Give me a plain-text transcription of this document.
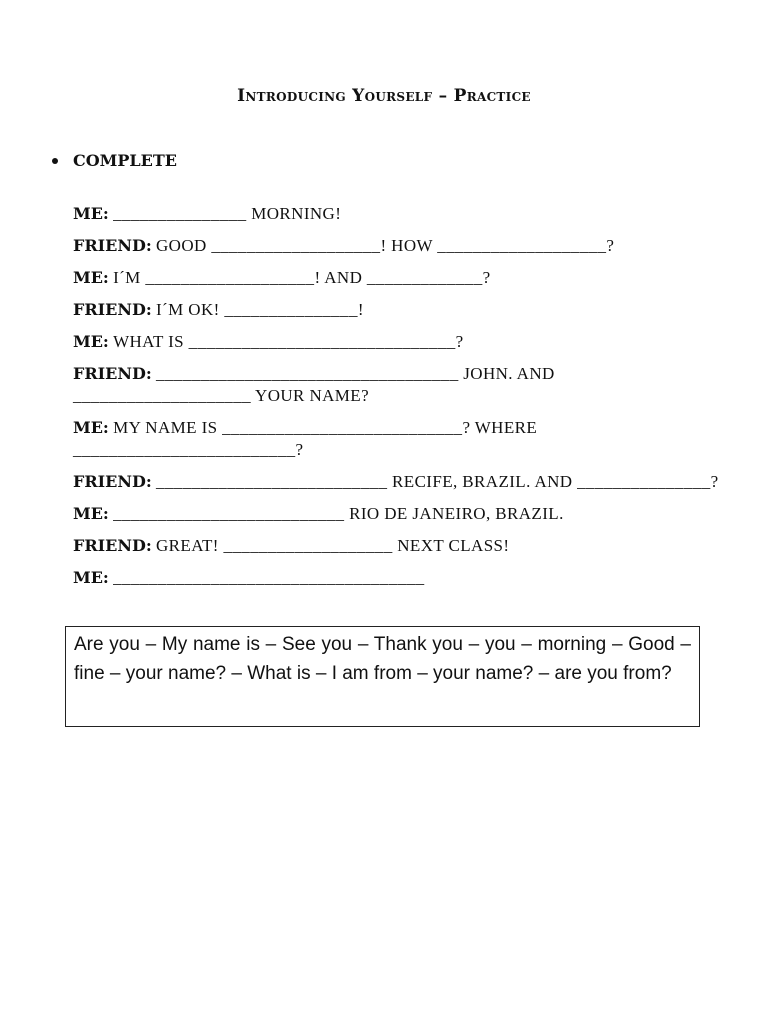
Introducing Yourself – Practice
COMPLETE
ME: _______________ MORNING!
FRIEND: GOOD ___________________! HOW ___________________?
ME: I´M ___________________! AND _____________?
FRIEND: I´M OK! _______________!
ME: WHAT IS ______________________________?
FRIEND: __________________________________ JOHN. AND ____________________ YOUR NAME?
ME: MY NAME IS ___________________________? WHERE _________________________?
FRIEND: __________________________ RECIFE, BRAZIL. AND _______________?
ME: __________________________ RIO DE JANEIRO, BRAZIL.
FRIEND: GREAT! ___________________ NEXT CLASS!
ME: ___________________________________
Are you – My name is – See you – Thank you – you – morning – Good – fine – your name? – What is – I am from – your name? – are you from?
